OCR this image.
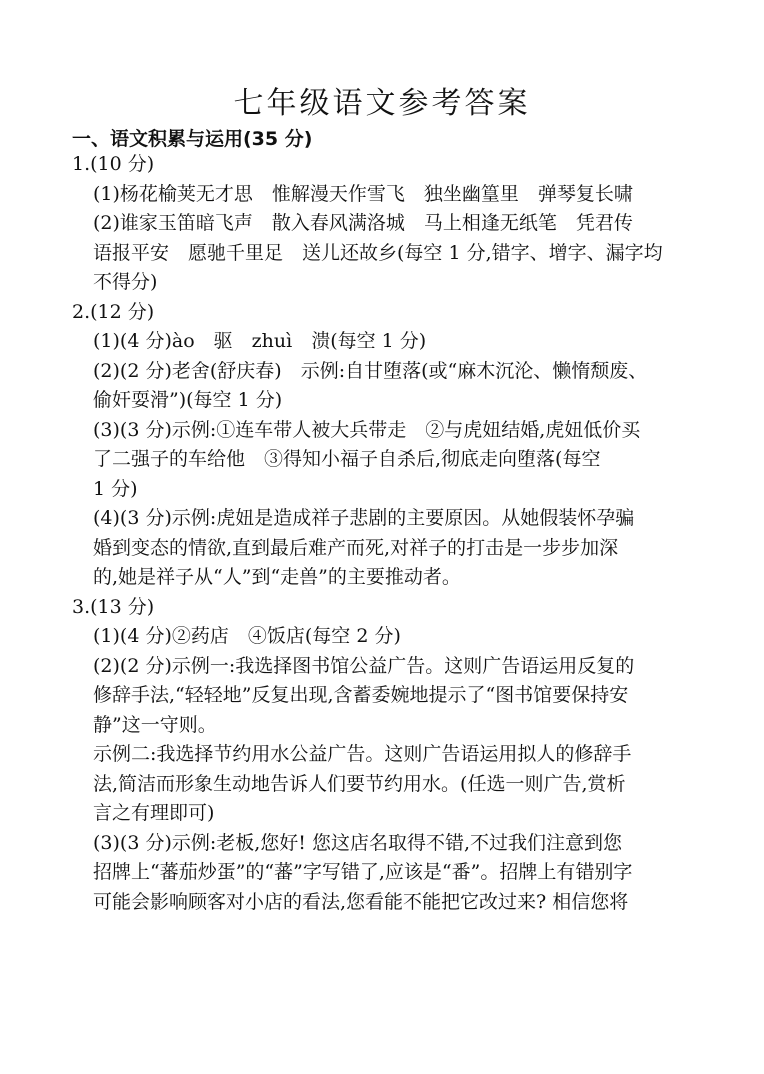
七年级语文参考答案
一、语文积累与运用(35 分)

1.(10 分)

(1)杨花榆荚无才思　惟解漫天作雪飞　独坐幽篁里　弹琴复长啸
(2)谁家玉笛暗飞声　散入春风满洛城　马上相逢无纸笔　凭君传
语报平安　愿驰千里足　送儿还故乡(每空 1 分,错字、增字、漏字均
不得分)

2.(12 分)

(1)(4 分)ào　驱　zhuì　溃(每空 1 分)
(2)(2 分)老舍(舒庆春)　示例:自甘堕落(或“麻木沉沦、懒惰颓废、
偷奸耍滑”)(每空 1 分)
(3)(3 分)示例:①连车带人被大兵带走　②与虎妞结婚,虎妞低价买
了二强子的车给他　③得知小福子自杀后,彻底走向堕落(每空
1 分)
(4)(3 分)示例:虎妞是造成祥子悲剧的主要原因。从她假装怀孕骗
婚到变态的情欲,直到最后难产而死,对祥子的打击是一步步加深
的,她是祥子从“人”到“走兽”的主要推动者。

3.(13 分)

(1)(4 分)②药店　④饭店(每空 2 分)
(2)(2 分)示例一:我选择图书馆公益广告。这则广告语运用反复的
修辞手法,“轻轻地”反复出现,含蓄委婉地提示了“图书馆要保持安
静”这一守则。
示例二:我选择节约用水公益广告。这则广告语运用拟人的修辞手
法,简洁而形象生动地告诉人们要节约用水。(任选一则广告,赏析
言之有理即可)
(3)(3 分)示例:老板,您好! 您这店名取得不错,不过我们注意到您
招牌上“蕃茄炒蛋”的“蕃”字写错了,应该是“番”。招牌上有错别字
可能会影响顾客对小店的看法,您看能不能把它改过来? 相信您将
